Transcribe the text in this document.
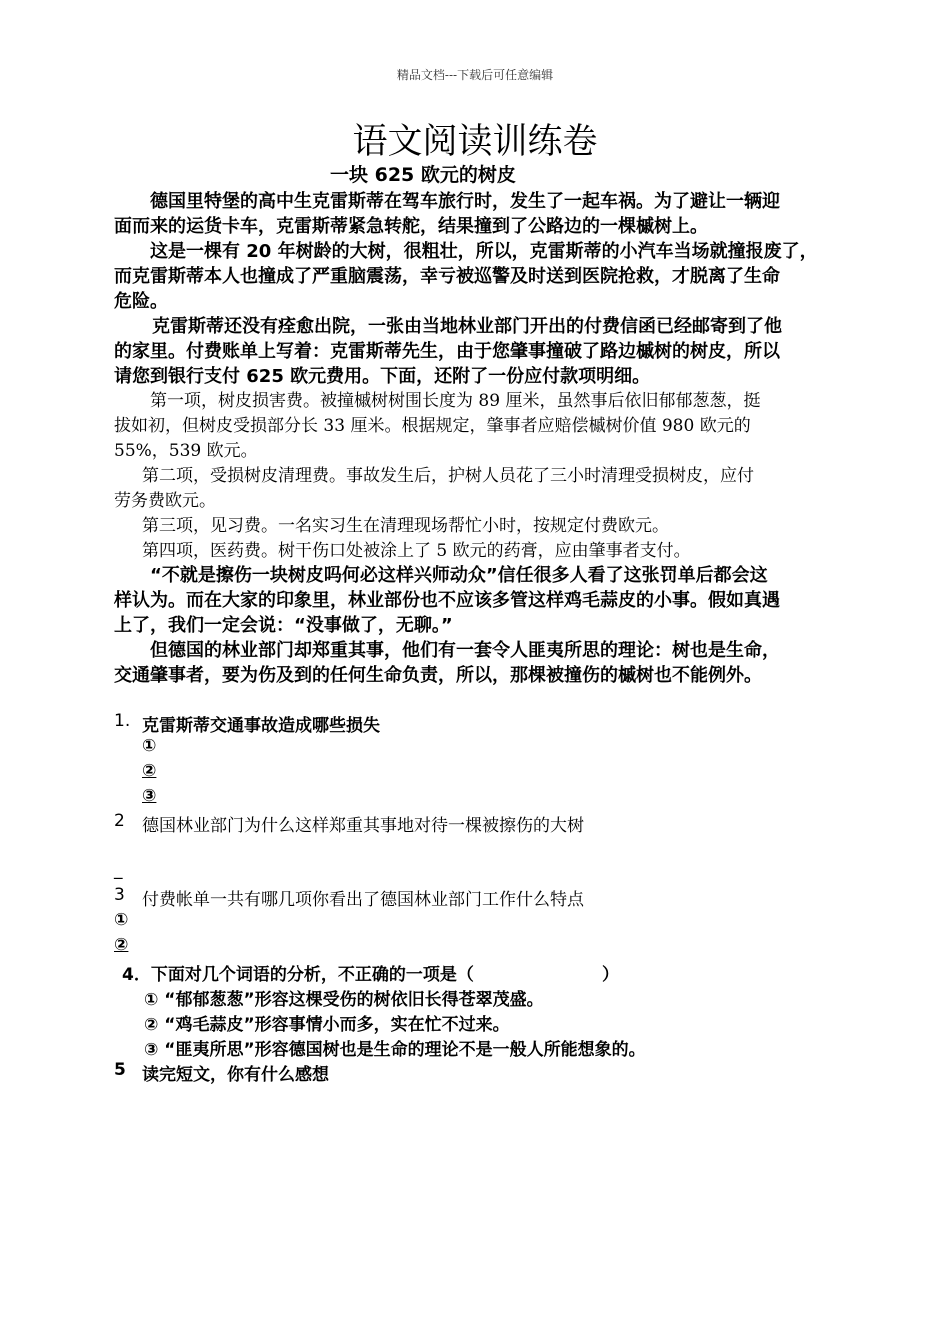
精品文档---下载后可任意编辑
语文阅读训练卷
一块 625 欧元的树皮
德国里特堡的高中生克雷斯蒂在驾车旅行时，发生了一起车祸。为了避让一辆迎
面而来的运货卡车，克雷斯蒂紧急转舵，结果撞到了公路边的一棵槭树上。
这是一棵有 20 年树龄的大树，很粗壮，所以，克雷斯蒂的小汽车当场就撞报废了，
而克雷斯蒂本人也撞成了严重脑震荡，幸亏被巡警及时送到医院抢救，才脱离了生命
危险。
克雷斯蒂还没有痊愈出院，一张由当地林业部门开出的付费信函已经邮寄到了他
的家里。付费账单上写着：克雷斯蒂先生，由于您肇事撞破了路边槭树的树皮，所以
请您到银行支付 625 欧元费用。下面，还附了一份应付款项明细。
第一项，树皮损害费。被撞槭树树围长度为 89 厘米，虽然事后依旧郁郁葱葱，挺
拔如初，但树皮受损部分长 33 厘米。根据规定，肇事者应赔偿槭树价值 980 欧元的
55%，539 欧元。
第二项，受损树皮清理费。事故发生后，护树人员花了三小时清理受损树皮，应付
劳务费欧元。
第三项，见习费。一名实习生在清理现场帮忙小时，按规定付费欧元。
第四项，医药费。树干伤口处被涂上了 5 欧元的药膏，应由肇事者支付。
“不就是擦伤一块树皮吗何必这样兴师动众”信任很多人看了这张罚单后都会这
样认为。而在大家的印象里，林业部份也不应该多管这样鸡毛蒜皮的小事。假如真遇
上了，我们一定会说：“没事做了，无聊。”
但德国的林业部门却郑重其事，他们有一套令人匪夷所思的理论：树也是生命，
交通肇事者，要为伤及到的任何生命负责，所以，那棵被撞伤的槭树也不能例外。
1. 克雷斯蒂交通事故造成哪些损失
①
②
③
2 德国林业部门为什么这样郑重其事地对待一棵被擦伤的大树
_
3 付费帐单一共有哪几项你看出了德国林业部门工作什么特点
①
②
4．下面对几个词语的分析，不正确的一项是（	）
① “郁郁葱葱”形容这棵受伤的树依旧长得苍翠茂盛。
② “鸡毛蒜皮”形容事情小而多，实在忙不过来。
③ “匪夷所思”形容德国树也是生命的理论不是一般人所能想象的。
5 读完短文，你有什么感想
